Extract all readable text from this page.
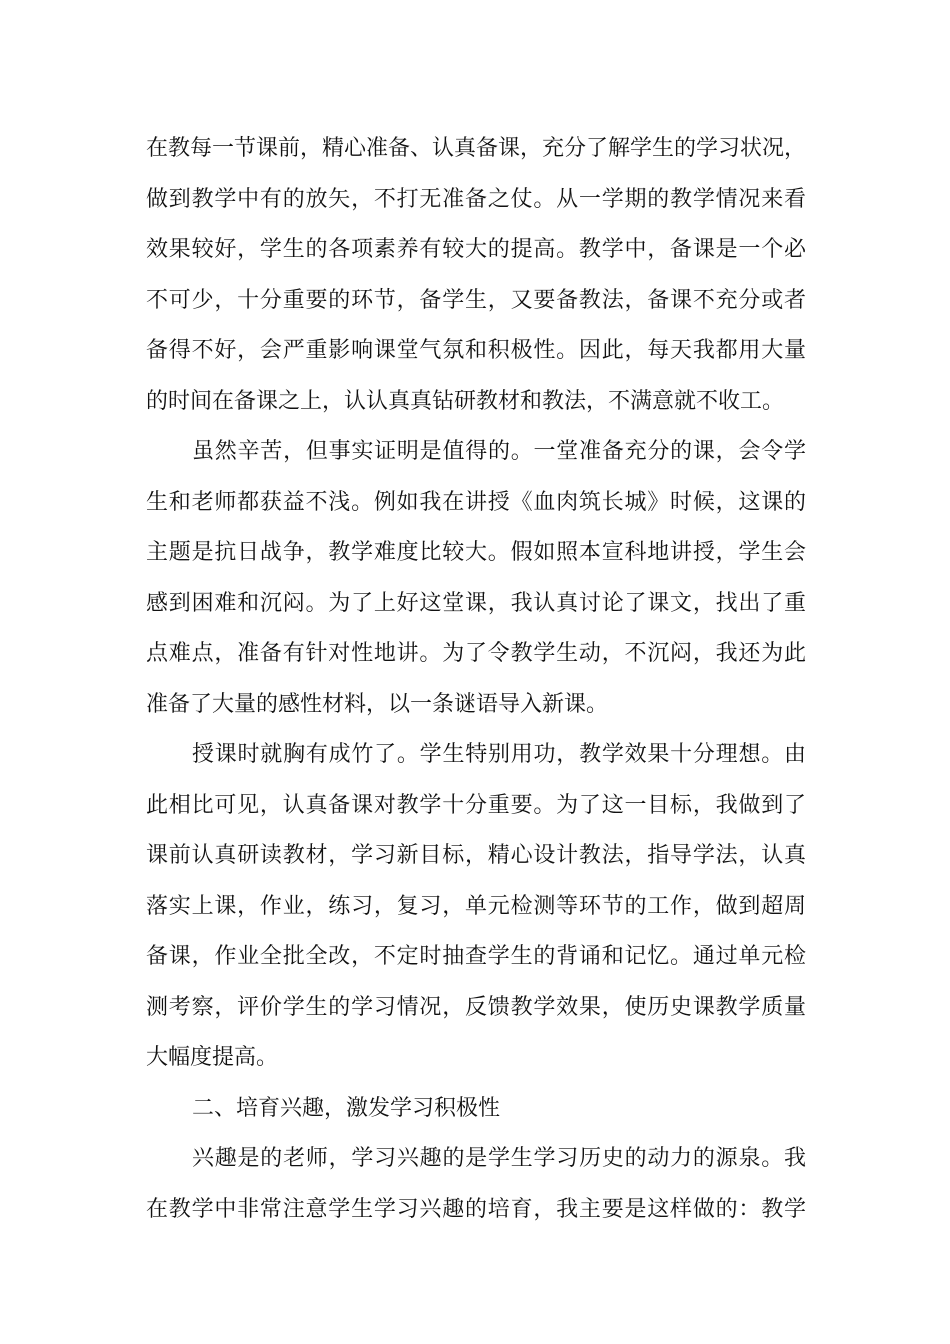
在教每一节课前，精心准备、认真备课，充分了解学生的学习状况，
做到教学中有的放矢，不打无准备之仗。从一学期的教学情况来看
效果较好，学生的各项素养有较大的提高。教学中，备课是一个必
不可少，十分重要的环节，备学生，又要备教法，备课不充分或者
备得不好，会严重影响课堂气氛和积极性。因此，每天我都用大量
的时间在备课之上，认认真真钻研教材和教法，不满意就不收工。
虽然辛苦，但事实证明是值得的。一堂准备充分的课，会令学
生和老师都获益不浅。例如我在讲授《血肉筑长城》时候，这课的
主题是抗日战争，教学难度比较大。假如照本宣科地讲授，学生会
感到困难和沉闷。为了上好这堂课，我认真讨论了课文，找出了重
点难点，准备有针对性地讲。为了令教学生动，不沉闷，我还为此
准备了大量的感性材料，以一条谜语导入新课。
授课时就胸有成竹了。学生特别用功，教学效果十分理想。由
此相比可见，认真备课对教学十分重要。为了这一目标，我做到了
课前认真研读教材，学习新目标，精心设计教法，指导学法，认真
落实上课，作业，练习，复习，单元检测等环节的工作，做到超周
备课，作业全批全改，不定时抽查学生的背诵和记忆。通过单元检
测考察，评价学生的学习情况，反馈教学效果，使历史课教学质量
大幅度提高。
二、培育兴趣，激发学习积极性
兴趣是的老师，学习兴趣的是学生学习历史的动力的源泉。我
在教学中非常注意学生学习兴趣的培育，我主要是这样做的：教学
